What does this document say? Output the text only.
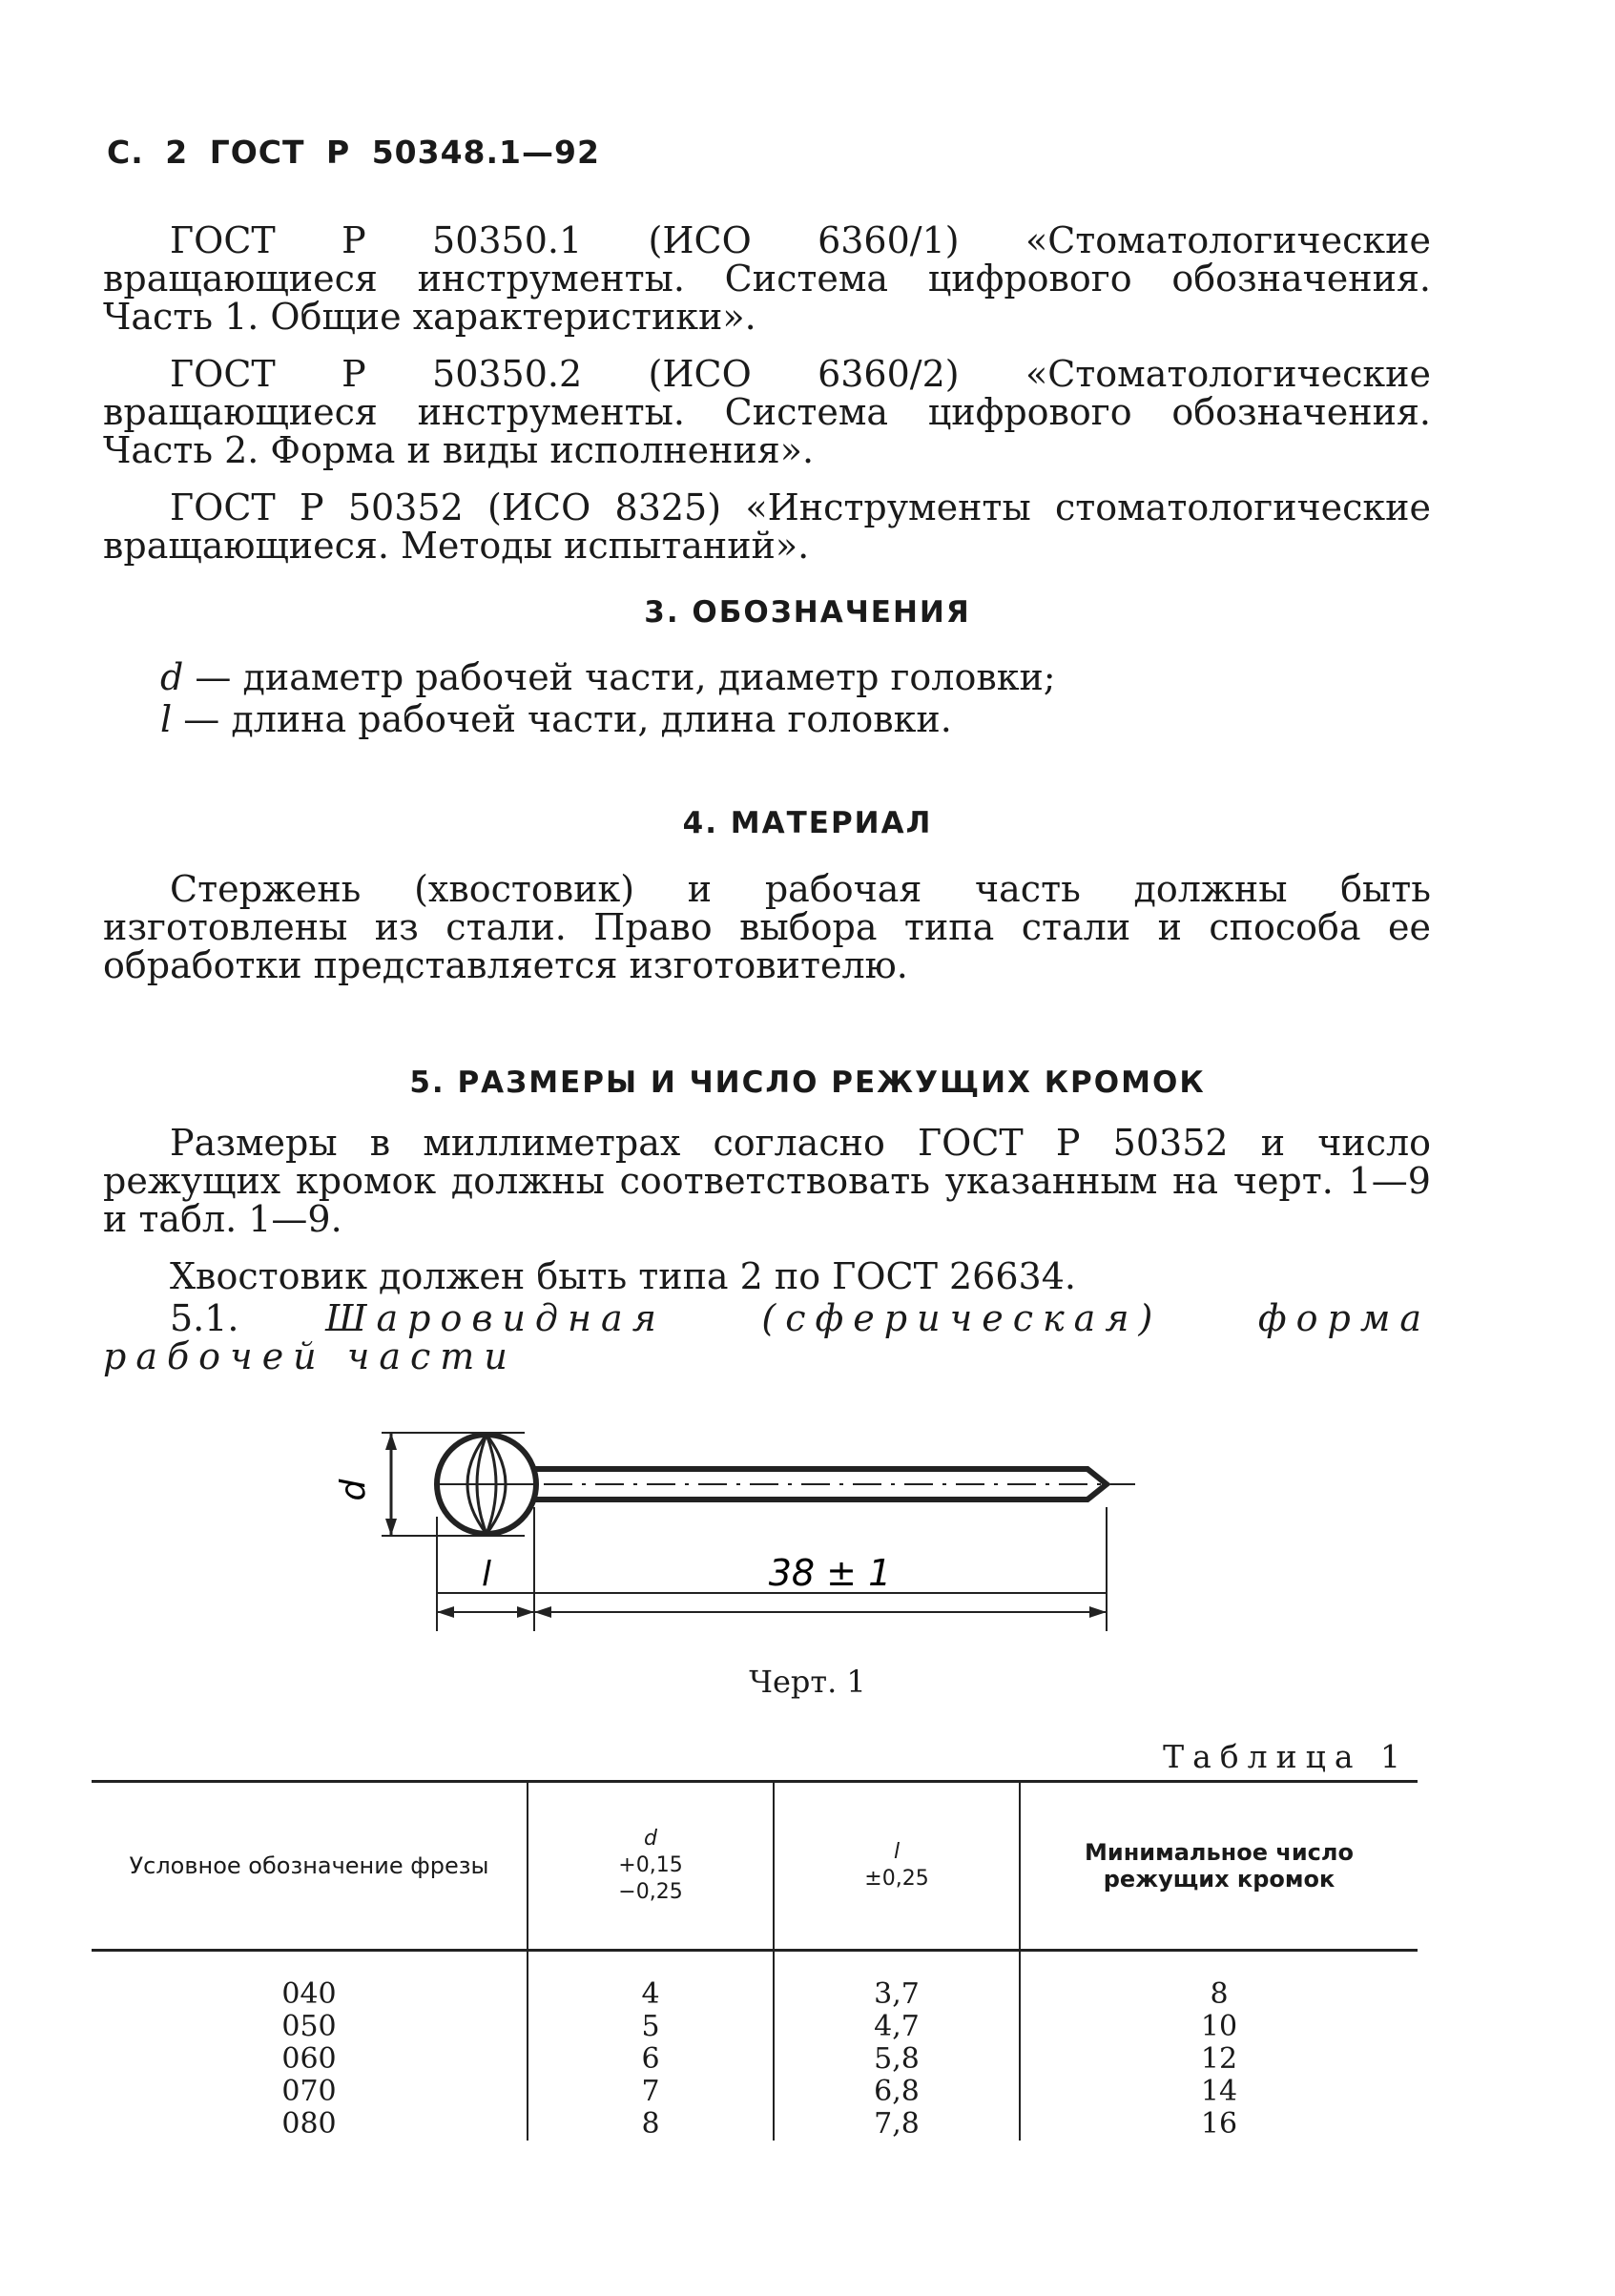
С. 2 ГОСТ Р 50348.1—92

ГОСТ Р 50350.1 (ИСО 6360/1) «Стоматологические вращающиеся инструменты. Система цифрового обозначения. Часть 1. Общие характеристики».

ГОСТ Р 50350.2 (ИСО 6360/2) «Стоматологические вращающиеся инструменты. Система цифрового обозначения. Часть 2. Форма и виды исполнения».

ГОСТ Р 50352 (ИСО 8325) «Инструменты стоматологические вращающиеся. Методы испытаний».

3. ОБОЗНАЧЕНИЯ
d — диаметр рабочей части, диаметр головки;
l — длина рабочей части, длина головки.
4. МАТЕРИАЛ

Стержень (хвостовик) и рабочая часть должны быть изготовлены из стали. Право выбора типа стали и способа ее обработки представляется изготовителю.

5. РАЗМЕРЫ И ЧИСЛО РЕЖУЩИХ КРОМОК

Размеры в миллиметрах согласно ГОСТ Р 50352 и число режущих кромок должны соответствовать указанным на черт. 1—9 и табл. 1—9.

Хвостовик должен быть типа 2 по ГОСТ 26634.

5.1. Шаровидная (сферическая) форма рабочей части

d
l	38 ± 1
Черт. 1
Таблица 1
Условное обозначение фрезы	d
+0,15
−0,25	l
±0,25	Минимальное число режущих кромок
040	4	3,7	8
050	5	4,7	10
060	6	5,8	12
070	7	6,8	14
080	8	7,8	16
